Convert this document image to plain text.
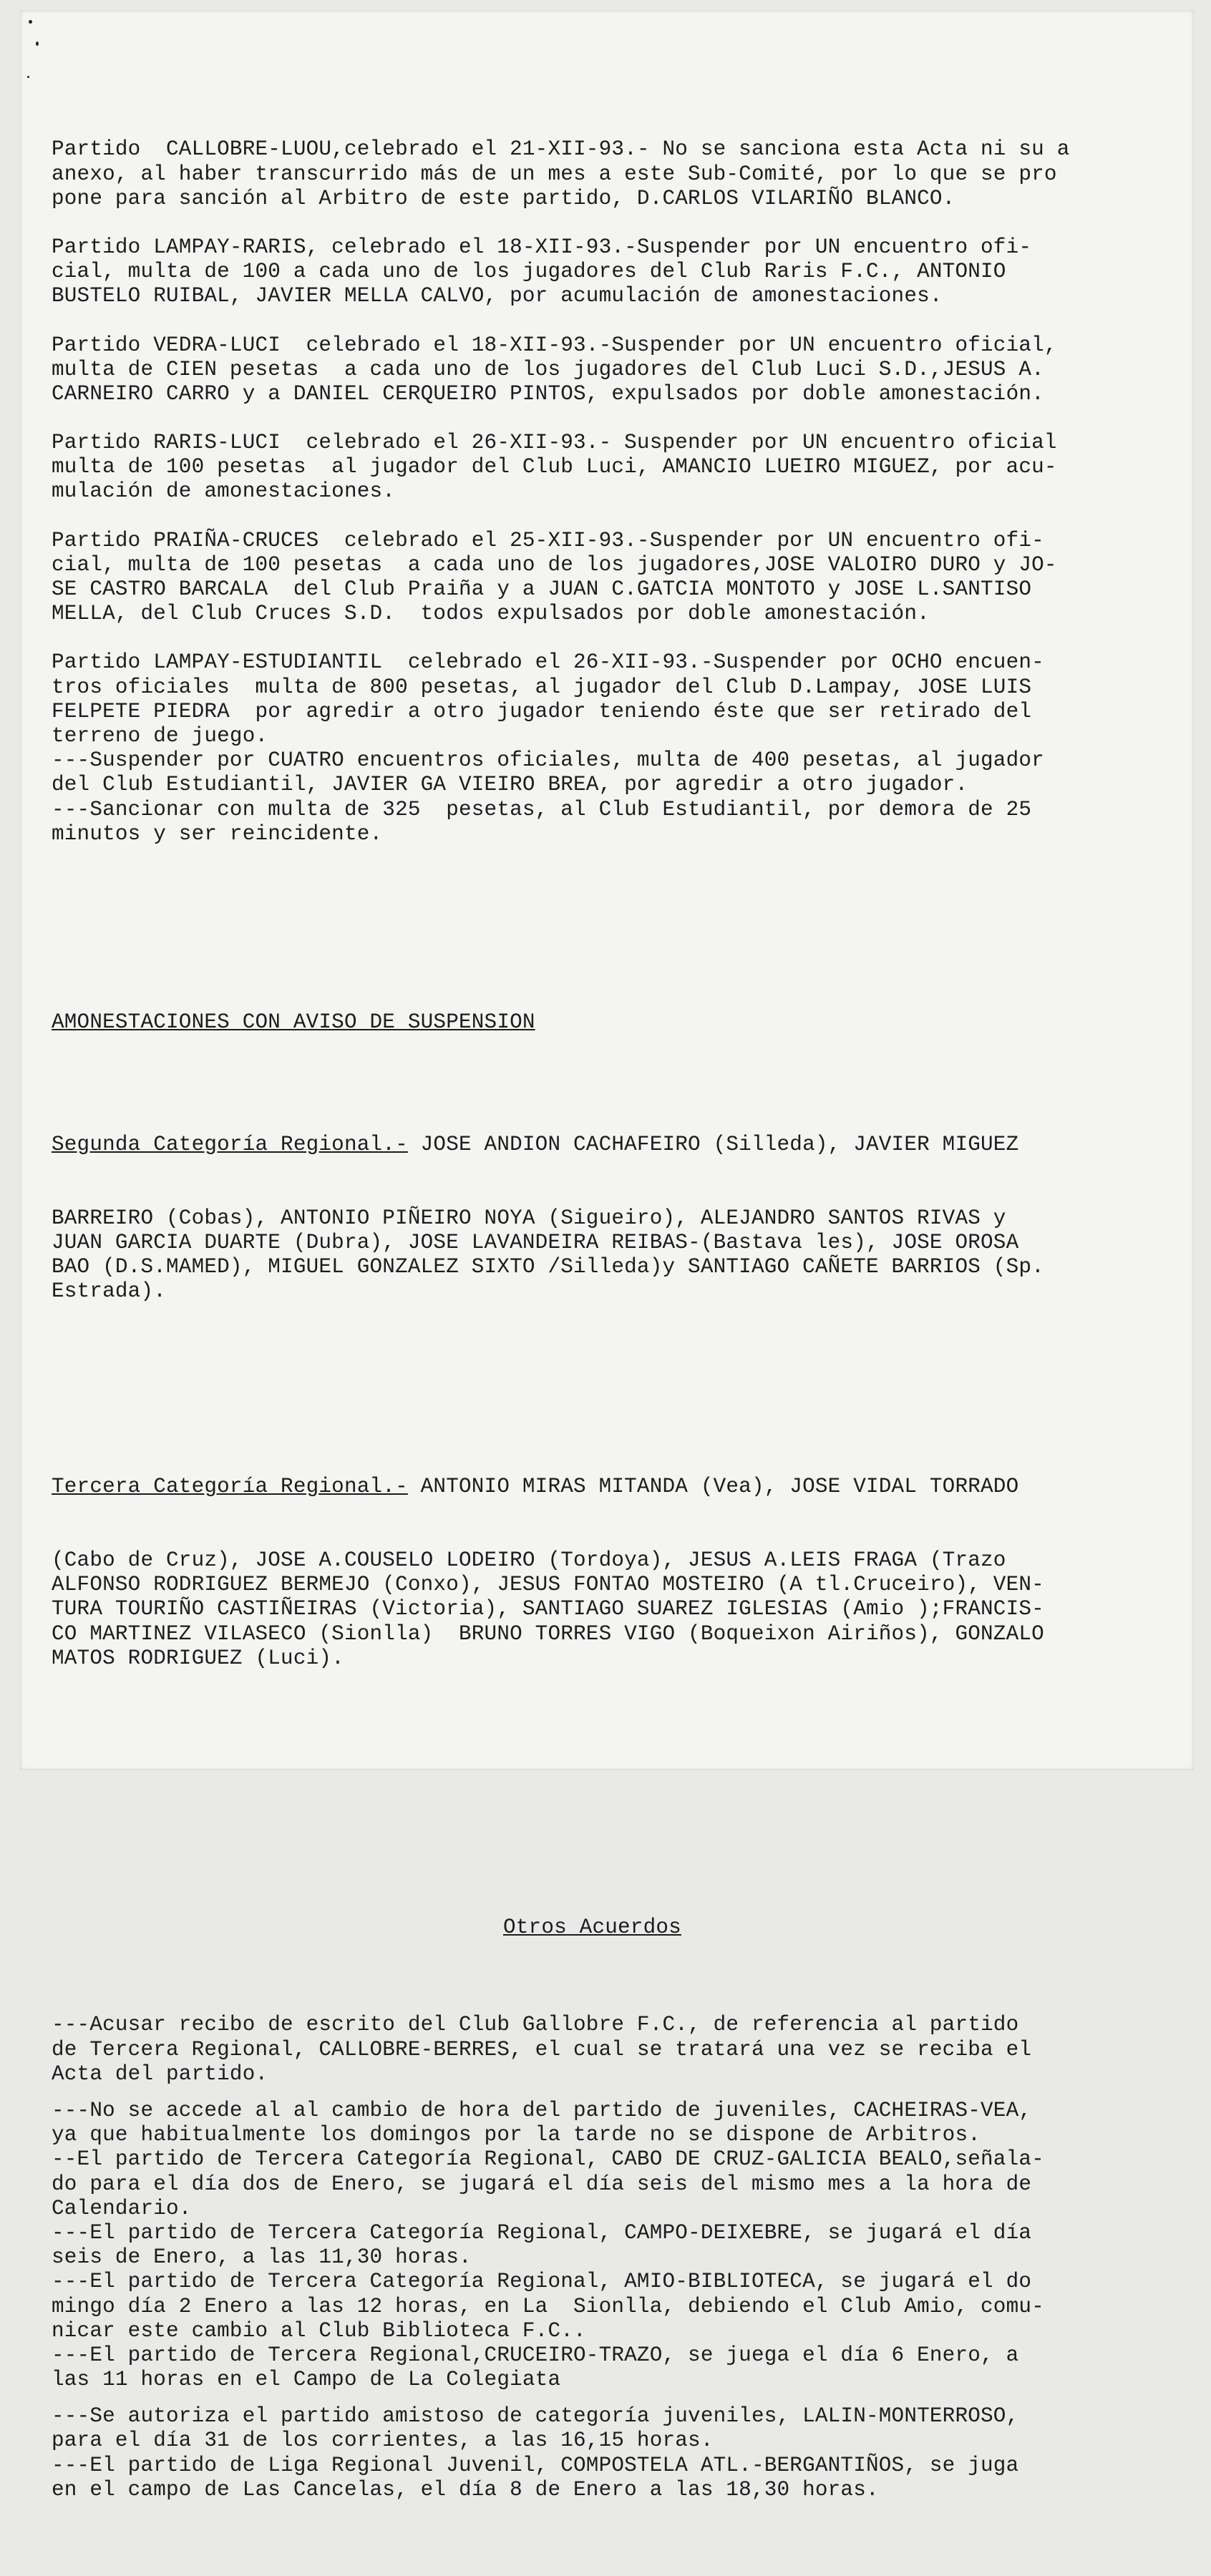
Partido  CALLOBRE-LUOU,celebrado el 21-XII-93.- No se sanciona esta Acta ni su a
anexo, al haber transcurrido más de un mes a este Sub-Comité, por lo que se pro
pone para sanción al Arbitro de este partido, D.CARLOS VILARIÑO BLANCO.
Partido LAMPAY-RARIS, celebrado el 18-XII-93.-Suspender por UN encuentro ofi-
cial, multa de 100 a cada uno de los jugadores del Club Raris F.C., ANTONIO
BUSTELO RUIBAL, JAVIER MELLA CALVO, por acumulación de amonestaciones.
Partido VEDRA-LUCI  celebrado el 18-XII-93.-Suspender por UN encuentro oficial,
multa de CIEN pesetas  a cada uno de los jugadores del Club Luci S.D.,JESUS A.
CARNEIRO CARRO y a DANIEL CERQUEIRO PINTOS, expulsados por doble amonestación.
Partido RARIS-LUCI  celebrado el 26-XII-93.- Suspender por UN encuentro oficial
multa de 100 pesetas  al jugador del Club Luci, AMANCIO LUEIRO MIGUEZ, por acu-
mulación de amonestaciones.
Partido PRAIÑA-CRUCES  celebrado el 25-XII-93.-Suspender por UN encuentro ofi-
cial, multa de 100 pesetas  a cada uno de los jugadores,JOSE VALOIRO DURO y JO-
SE CASTRO BARCALA  del Club Praiña y a JUAN C.GATCIA MONTOTO y JOSE L.SANTISO
MELLA, del Club Cruces S.D.  todos expulsados por doble amonestación.
Partido LAMPAY-ESTUDIANTIL  celebrado el 26-XII-93.-Suspender por OCHO encuen-
tros oficiales  multa de 800 pesetas, al jugador del Club D.Lampay, JOSE LUIS
FELPETE PIEDRA  por agredir a otro jugador teniendo éste que ser retirado del
terreno de juego.
---Suspender por CUATRO encuentros oficiales, multa de 400 pesetas, al jugador
del Club Estudiantil, JAVIER GA VIEIRO BREA, por agredir a otro jugador.
---Sancionar con multa de 325  pesetas, al Club Estudiantil, por demora de 25
minutos y ser reincidente.

AMONESTACIONES CON AVISO DE SUSPENSION

Segunda Categoría Regional.- JOSE ANDION CACHAFEIRO (Silleda), JAVIER MIGUEZ

BARREIRO (Cobas), ANTONIO PIÑEIRO NOYA (Sigueiro), ALEJANDRO SANTOS RIVAS y
JUAN GARCIA DUARTE (Dubra), JOSE LAVANDEIRA REIBAS-(Bastava les), JOSE OROSA
BAO (D.S.MAMED), MIGUEL GONZALEZ SIXTO /Silleda)y SANTIAGO CAÑETE BARRIOS (Sp.
Estrada).

Tercera Categoría Regional.- ANTONIO MIRAS MITANDA (Vea), JOSE VIDAL TORRADO

(Cabo de Cruz), JOSE A.COUSELO LODEIRO (Tordoya), JESUS A.LEIS FRAGA (Trazo
ALFONSO RODRIGUEZ BERMEJO (Conxo), JESUS FONTAO MOSTEIRO (A tl.Cruceiro), VEN-
TURA TOURIÑO CASTIÑEIRAS (Victoria), SANTIAGO SUAREZ IGLESIAS (Amio );FRANCIS-
CO MARTINEZ VILASECO (Sionlla)  BRUNO TORRES VIGO (Boqueixon Airiños), GONZALO
MATOS RODRIGUEZ (Luci).

Otros Acuerdos

---Acusar recibo de escrito del Club Gallobre F.C., de referencia al partido
de Tercera Regional, CALLOBRE-BERRES, el cual se tratará una vez se reciba el
Acta del partido.
---No se accede al al cambio de hora del partido de juveniles, CACHEIRAS-VEA,
ya que habitualmente los domingos por la tarde no se dispone de Arbitros.
--El partido de Tercera Categoría Regional, CABO DE CRUZ-GALICIA BEALO,señala-
do para el día dos de Enero, se jugará el día seis del mismo mes a la hora de
Calendario.
---El partido de Tercera Categoría Regional, CAMPO-DEIXEBRE, se jugará el día
seis de Enero, a las 11,30 horas.
---El partido de Tercera Categoría Regional, AMIO-BIBLIOTECA, se jugará el do
mingo día 2 Enero a las 12 horas, en La  Sionlla, debiendo el Club Amio, comu-
nicar este cambio al Club Biblioteca F.C..
---El partido de Tercera Regional,CRUCEIRO-TRAZO, se juega el día 6 Enero, a
las 11 horas en el Campo de La Colegiata
---Se autoriza el partido amistoso de categoría juveniles, LALIN-MONTERROSO,
para el día 31 de los corrientes, a las 16,15 horas.
---El partido de Liga Regional Juvenil, COMPOSTELA ATL.-BERGANTIÑOS, se juga
en el campo de Las Cancelas, el día 8 de Enero a las 18,30 horas.
